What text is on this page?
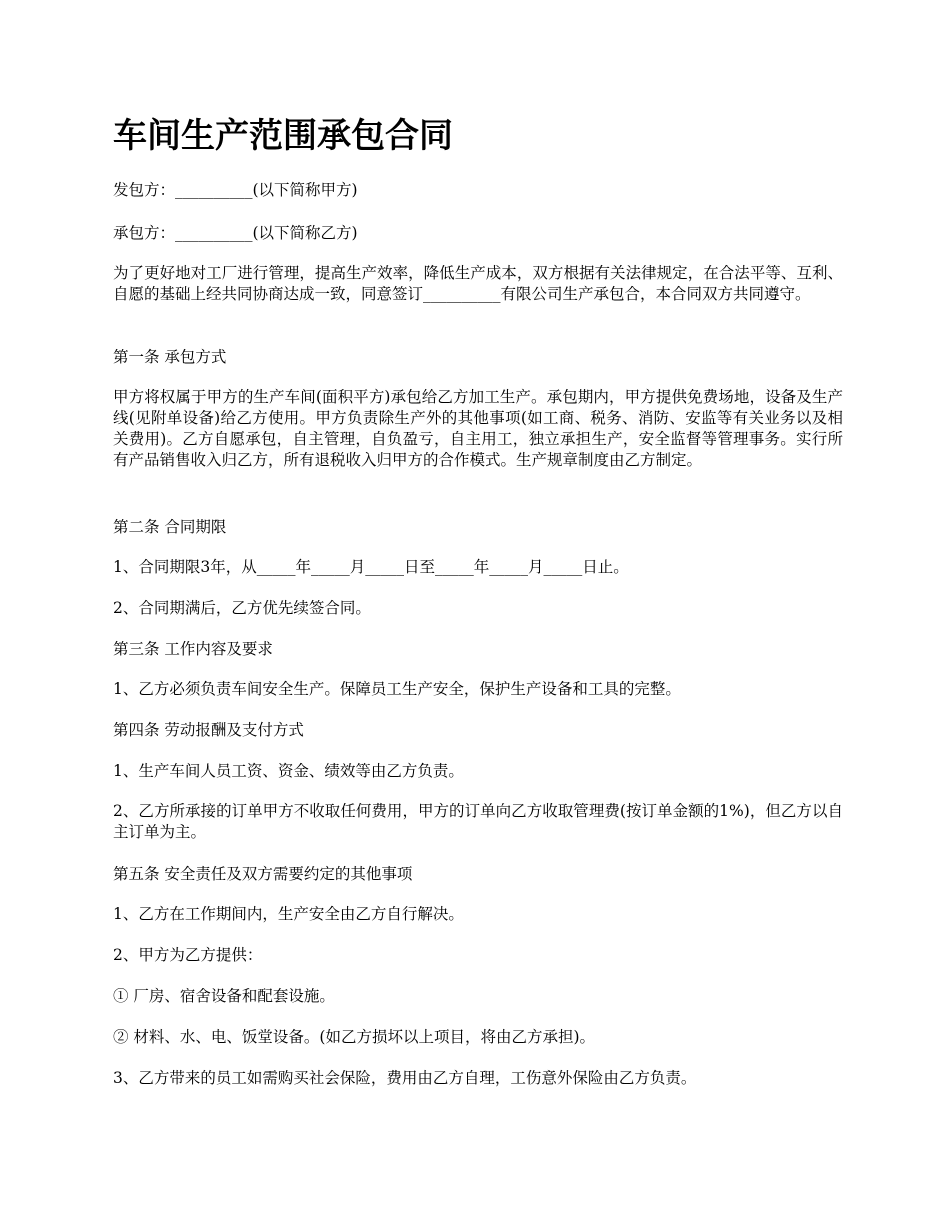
车间生产范围承包合同

发包方：__________(以下简称甲方)

承包方：__________(以下简称乙方)

为了更好地对工厂进行管理，提高生产效率，降低生产成本，双方根据有关法律规定，在合法平等、互利、自愿的基础上经共同协商达成一致，同意签订__________有限公司生产承包合，本合同双方共同遵守。

第一条 承包方式

甲方将权属于甲方的生产车间(面积平方)承包给乙方加工生产。承包期内，甲方提供免费场地，设备及生产线(见附单设备)给乙方使用。甲方负责除生产外的其他事项(如工商、税务、消防、安监等有关业务以及相关费用)。乙方自愿承包，自主管理，自负盈亏，自主用工，独立承担生产，安全监督等管理事务。实行所有产品销售收入归乙方，所有退税收入归甲方的合作模式。生产规章制度由乙方制定。

第二条 合同期限

1、合同期限3年，从_____年_____月_____日至_____年_____月_____日止。

2、合同期满后，乙方优先续签合同。

第三条 工作内容及要求

1、乙方必须负责车间安全生产。保障员工生产安全，保护生产设备和工具的完整。

第四条 劳动报酬及支付方式

1、生产车间人员工资、资金、绩效等由乙方负责。

2、乙方所承接的订单甲方不收取任何费用，甲方的订单向乙方收取管理费(按订单金额的1%)，但乙方以自主订单为主。

第五条 安全责任及双方需要约定的其他事项

1、乙方在工作期间内，生产安全由乙方自行解决。

2、甲方为乙方提供：

① 厂房、宿舍设备和配套设施。

② 材料、水、电、饭堂设备。(如乙方损坏以上项目，将由乙方承担)。

3、乙方带来的员工如需购买社会保险，费用由乙方自理，工伤意外保险由乙方负责。
